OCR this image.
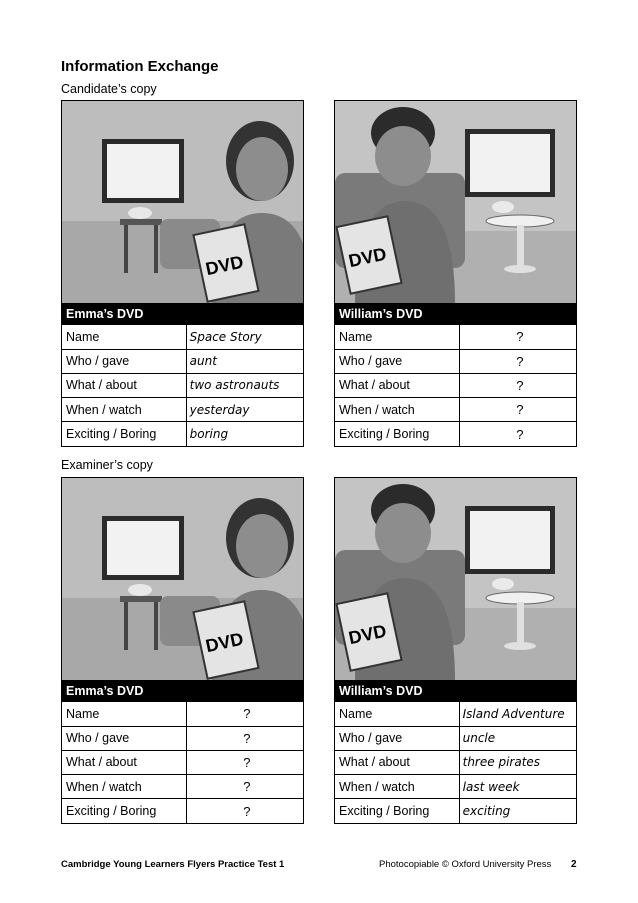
Information Exchange
Candidate’s copy
Examiner’s copy
DVD
Emma’s DVD
Name	Space Story
Who / gave	aunt
What / about	two astronauts
When / watch	yesterday
Exciting / Boring	boring
DVD
William’s DVD
Name	?
Who / gave	?
What / about	?
When / watch	?
Exciting / Boring	?
DVD
Emma’s DVD
Name	?
Who / gave	?
What / about	?
When / watch	?
Exciting / Boring	?
DVD
William’s DVD
Name	Island Adventure
Who / gave	uncle
What / about	three pirates
When / watch	last week
Exciting / Boring	exciting
Cambridge Young Learners Flyers Practice Test 1	Photocopiable © Oxford University Press 2
